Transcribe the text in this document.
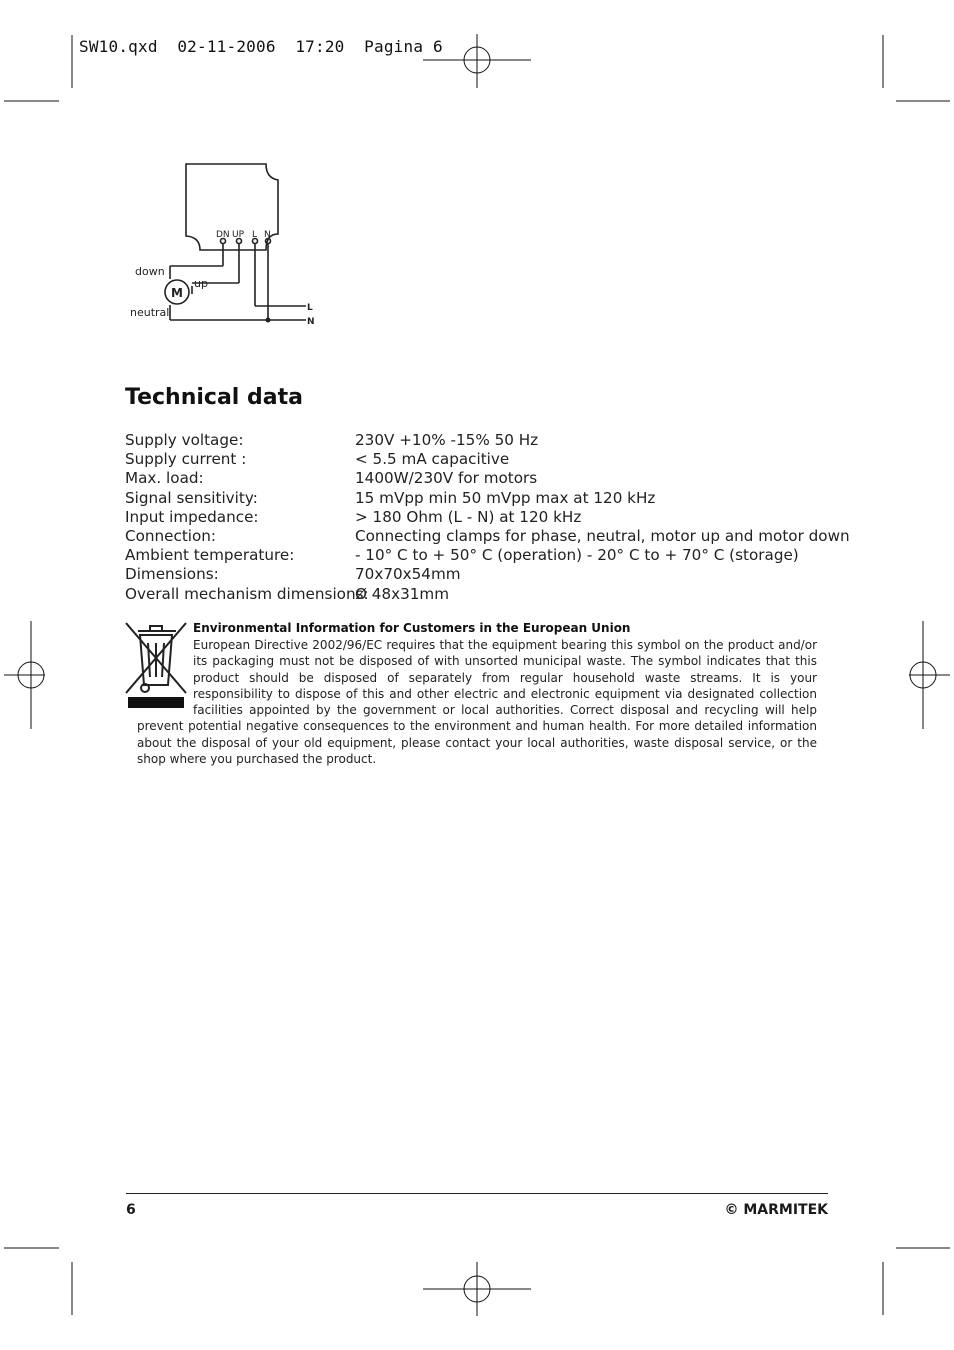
SW10.qxd  02-11-2006  17:20  Pagina 6
DN UP L N
down
up
M
neutral	L
N
Technical data
Supply voltage:	230V +10% -15% 50 Hz
Supply current :	< 5.5 mA capacitive
Max. load:	1400W/230V for motors
Signal sensitivity:	15 mVpp min 50 mVpp max at 120 kHz
Input impedance:	> 180 Ohm (L - N) at 120 kHz
Connection:	Connecting clamps for phase, neutral, motor up and motor down
Ambient temperature:	- 10° C to + 50° C (operation) - 20° C to + 70° C (storage)
Dimensions:	70x70x54mm
Overall mechanism dimensions:
Ø 48x31mm
Environmental Information for Customers in the European Union
European Directive 2002/96/EC requires that the equipment bearing this symbol on the product and/or its packaging must not be disposed of with unsorted municipal waste. The symbol indicates that this product should be disposed of separately from regular household waste streams. It is your responsibility to dispose of this and other electric and electronic equipment via designated collection facilities appointed by the government or local authorities. Correct disposal and recycling will help prevent potential negative consequences to the environment and human health. For more detailed information about the disposal of your old equipment, please contact your local authorities, waste disposal service, or the shop where you purchased the product.
6	© MARMITEK
